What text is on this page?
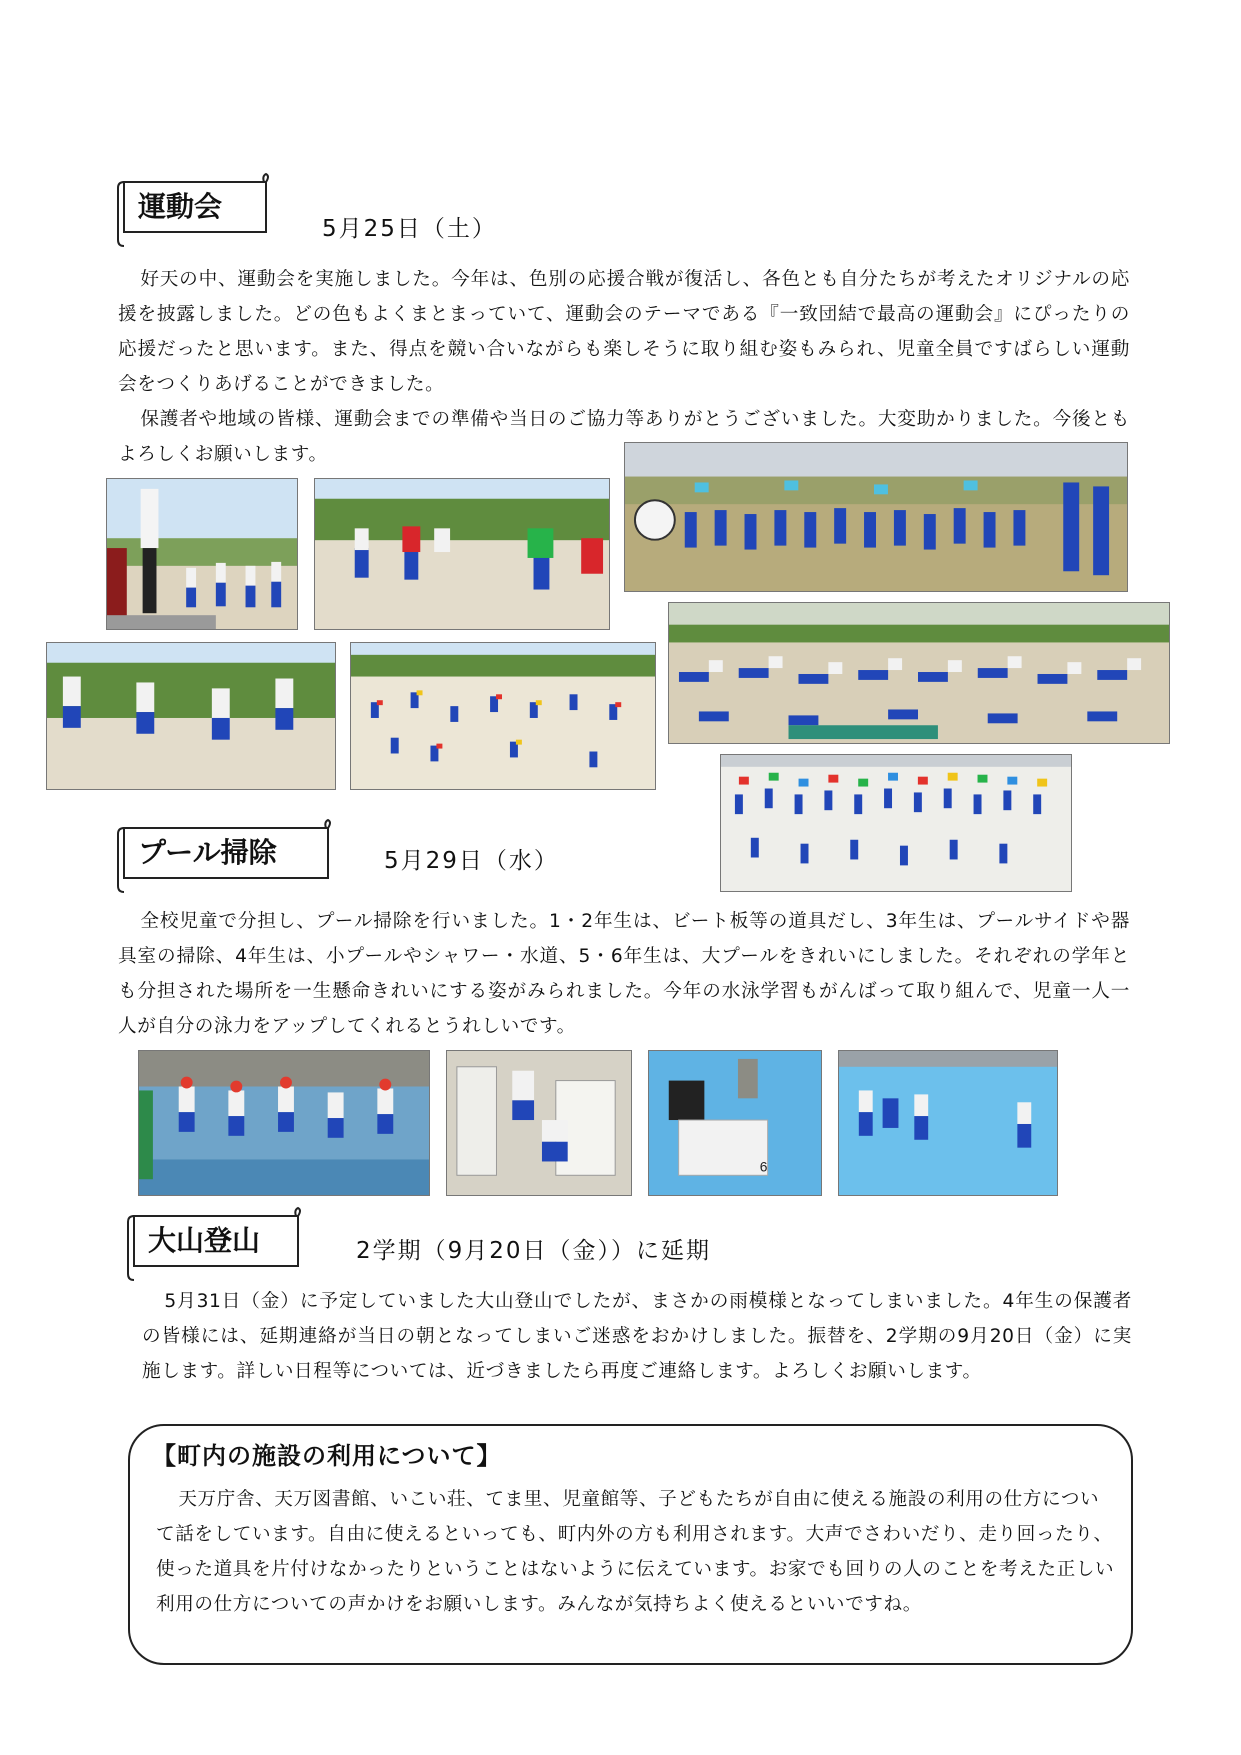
運動会
5月25日（土）

好天の中、運動会を実施しました。今年は、色別の応援合戦が復活し、各色とも自分たちが考えたオリジナルの応援を披露しました。どの色もよくまとまっていて、運動会のテーマである『一致団結で最高の運動会』にぴったりの応援だったと思います。また、得点を競い合いながらも楽しそうに取り組む姿もみられ、児童全員ですばらしい運動会をつくりあげることができました。

保護者や地域の皆様、運動会までの準備や当日のご協力等ありがとうございました。大変助かりました。今後ともよろしくお願いします。

プール掃除	5月29日（水）

全校児童で分担し、プール掃除を行いました。1・2年生は、ビート板等の道具だし、3年生は、プールサイドや器具室の掃除、4年生は、小プールやシャワー・水道、5・6年生は、大プールをきれいにしました。それぞれの学年とも分担された場所を一生懸命きれいにする姿がみられました。今年の水泳学習もがんばって取り組んで、児童一人一人が自分の泳力をアップしてくれるとうれしいです。

6
大山登山	2学期（9月20日（金））に延期

5月31日（金）に予定していました大山登山でしたが、まさかの雨模様となってしまいました。4年生の保護者の皆様には、延期連絡が当日の朝となってしまいご迷惑をおかけしました。振替を、2学期の9月20日（金）に実施します。詳しい日程等については、近づきましたら再度ご連絡します。よろしくお願いします。

【町内の施設の利用について】

天万庁舎、天万図書館、いこい荘、てま里、児童館等、子どもたちが自由に使える施設の利用の仕方について話をしています。自由に使えるといっても、町内外の方も利用されます。大声でさわいだり、走り回ったり、使った道具を片付けなかったりということはないように伝えています。お家でも回りの人のことを考えた正しい利用の仕方についての声かけをお願いします。みんなが気持ちよく使えるといいですね。
